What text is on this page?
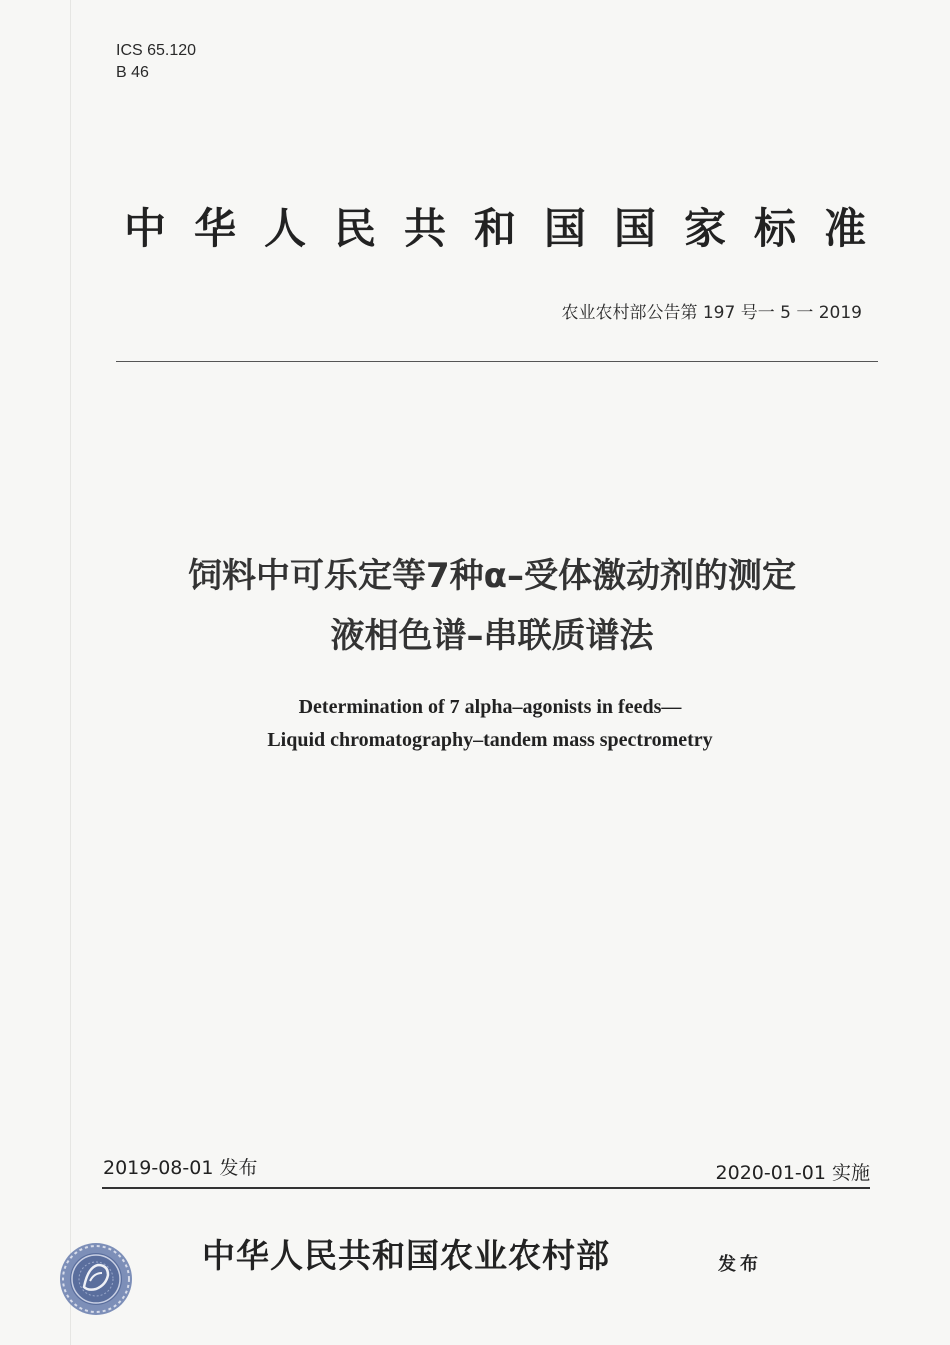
ICS 65.120
B 46
中华人民共和国国家标准
农业农村部公告第 197 号一 5 一 2019
饲料中可乐定等7种α–受体激动剂的测定
液相色谱–串联质谱法
Determination of 7 alpha–agonists in feeds—
Liquid chromatography–tandem mass spectrometry
2019-08-01 发布	2020-01-01 实施
中华人民共和国农业农村部	发布
